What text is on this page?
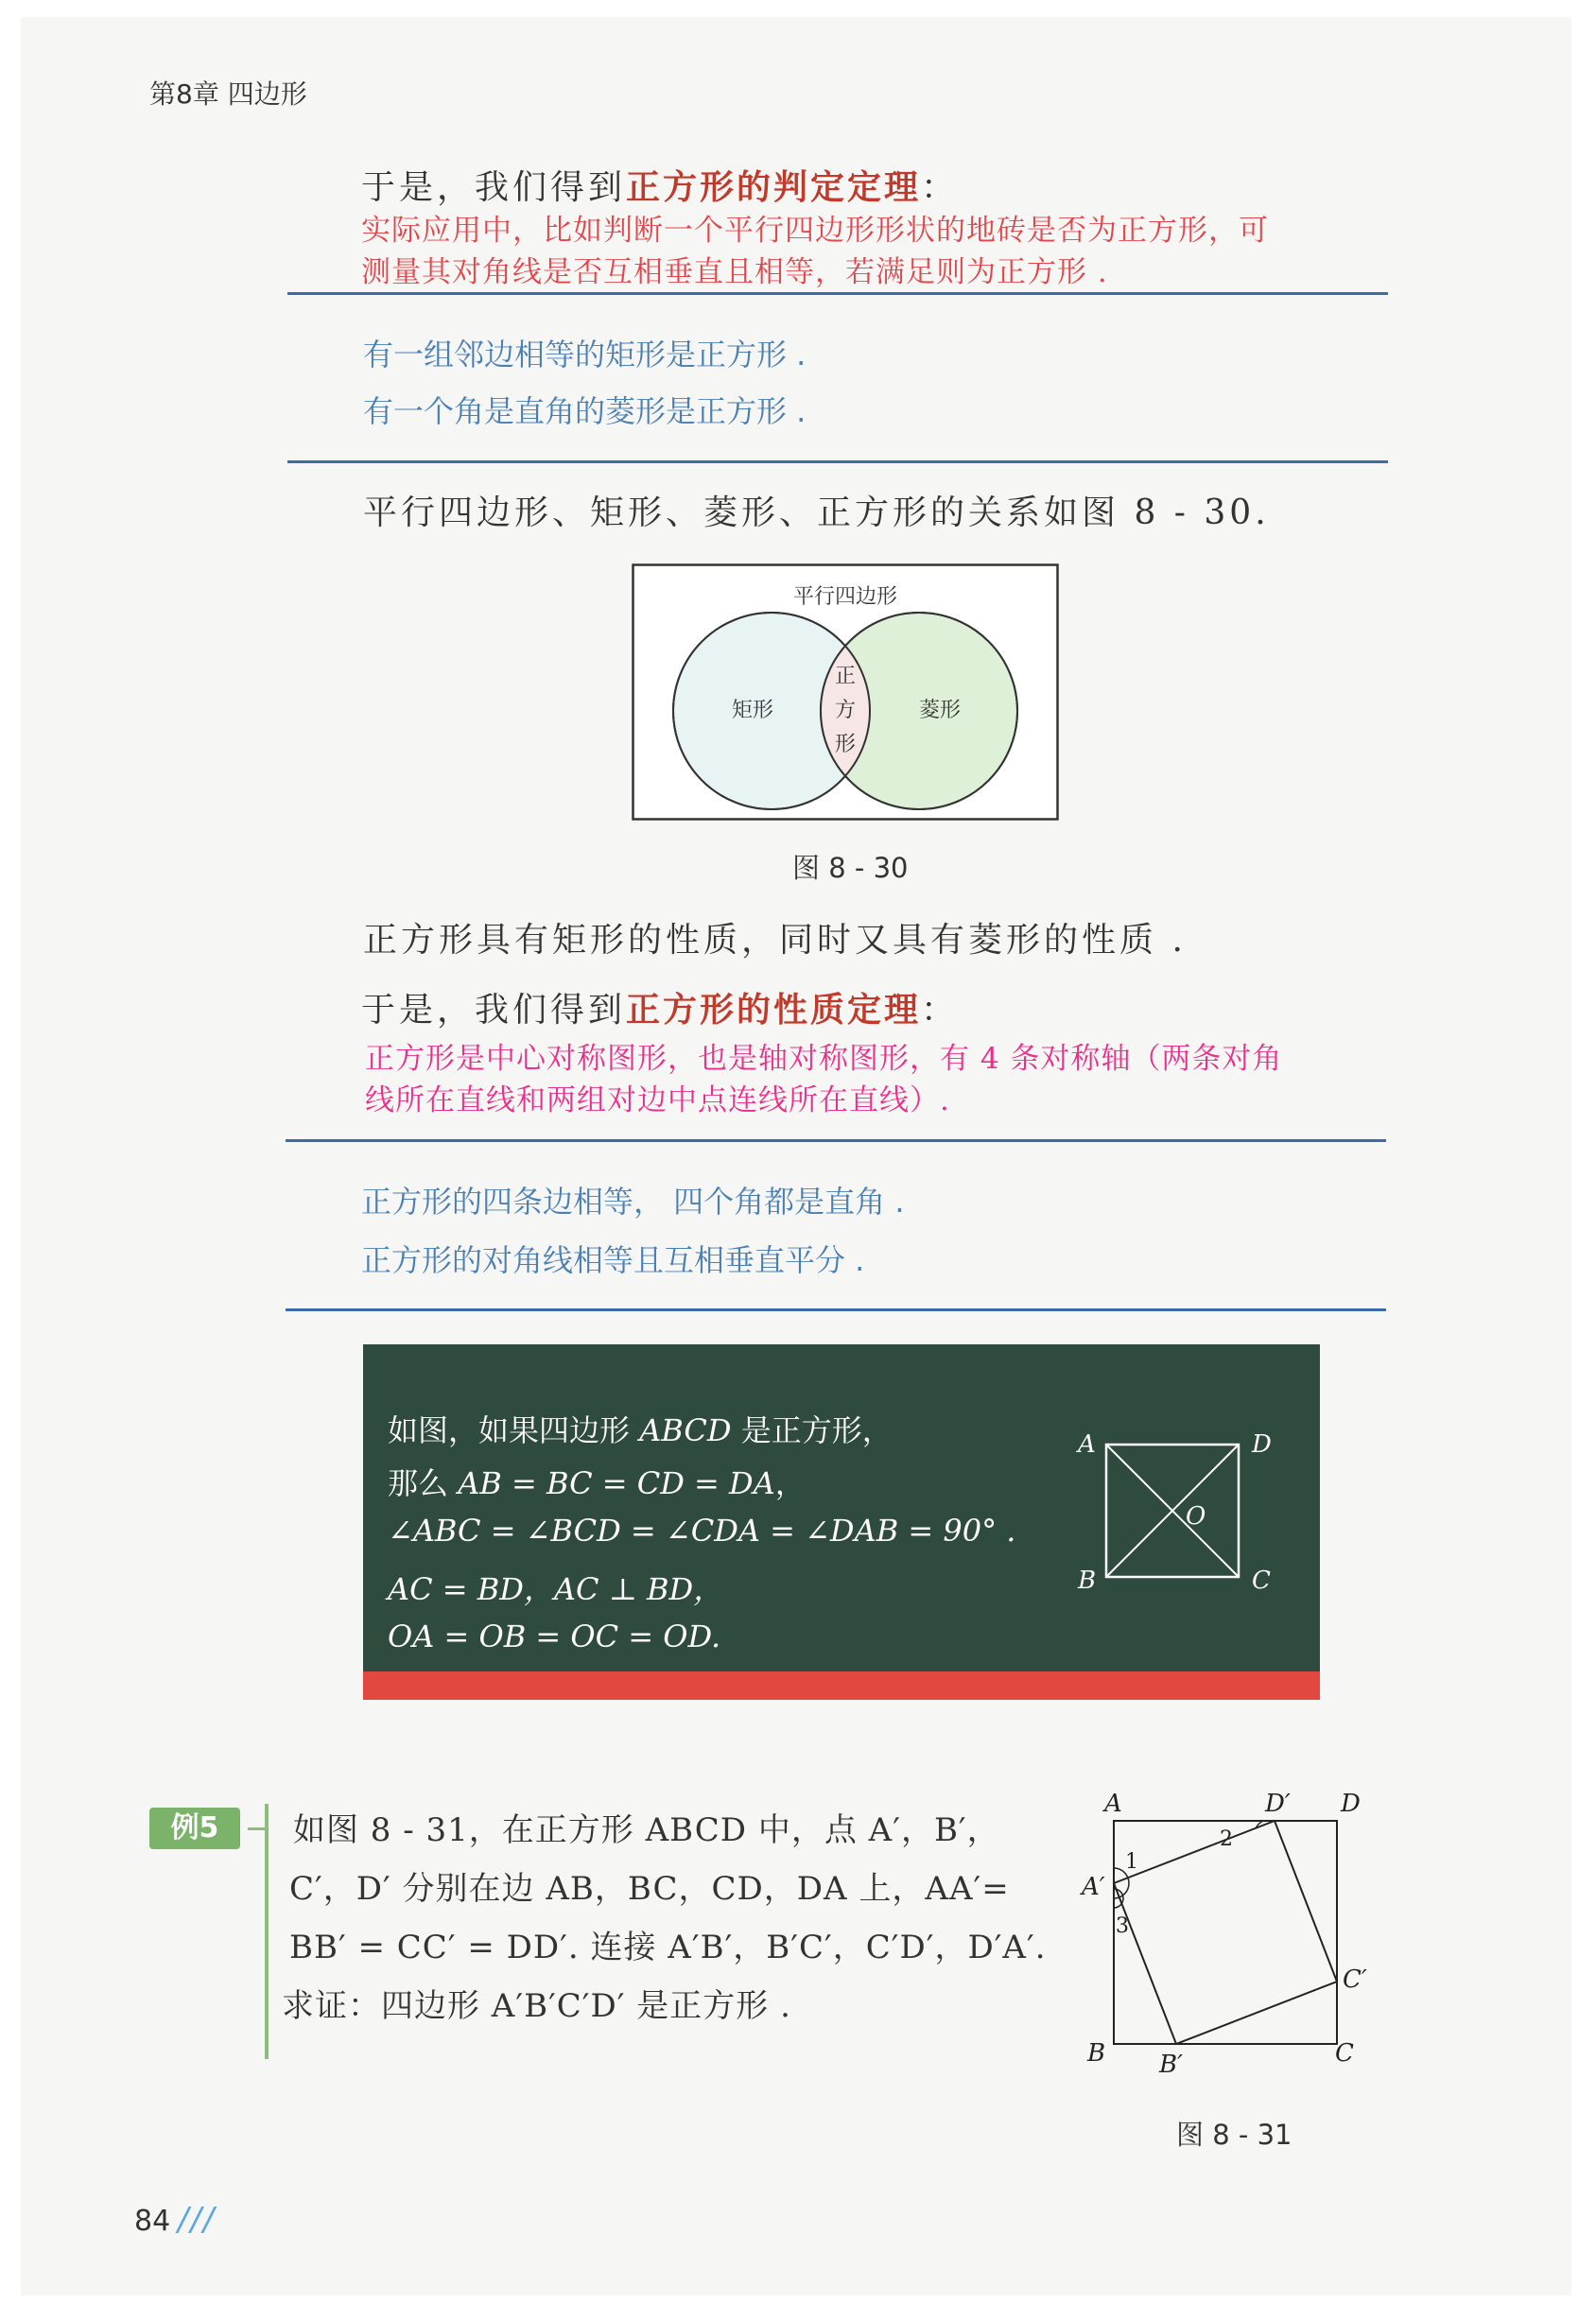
第8章 四边形
于是，我们得到正方形的判定定理：
实际应用中，比如判断一个平行四边形形状的地砖是否为正方形，可
测量其对角线是否互相垂直且相等，若满足则为正方形 .
有一组邻边相等的矩形是正方形 .
有一个角是直角的菱形是正方形 .
平行四边形、矩形、菱形、正方形的关系如图 8 - 30.
平行四边形
矩形	菱形
正
方
形
图 8 - 30
正方形具有矩形的性质，同时又具有菱形的性质 .
于是，我们得到正方形的性质定理：
正方形是中心对称图形，也是轴对称图形，有 4 条对称轴（两条对角
线所在直线和两组对边中点连线所在直线）.
正方形的四条边相等， 四个角都是直角 .
正方形的对角线相等且互相垂直平分 .
如图，如果四边形 ABCD 是正方形，
那么 AB = BC = CD = DA，
∠ABC = ∠BCD = ∠CDA = ∠DAB = 90° .
AC = BD，AC ⊥ BD，
OA = OB = OC = OD.
A	D
B	C
O
例5	如图 8 - 31，在正方形 ABCD 中，点 A′，B′，
C′，D′ 分别在边 AB，BC，CD，DA 上，AA′=
BB′ = CC′ = DD′. 连接 A′B′，B′C′，C′D′，D′A′.
求证：四边形 A′B′C′D′ 是正方形 .
A	D′ D
A′
1
2
3
C′
B B′	C
图 8 - 31
84 ///
